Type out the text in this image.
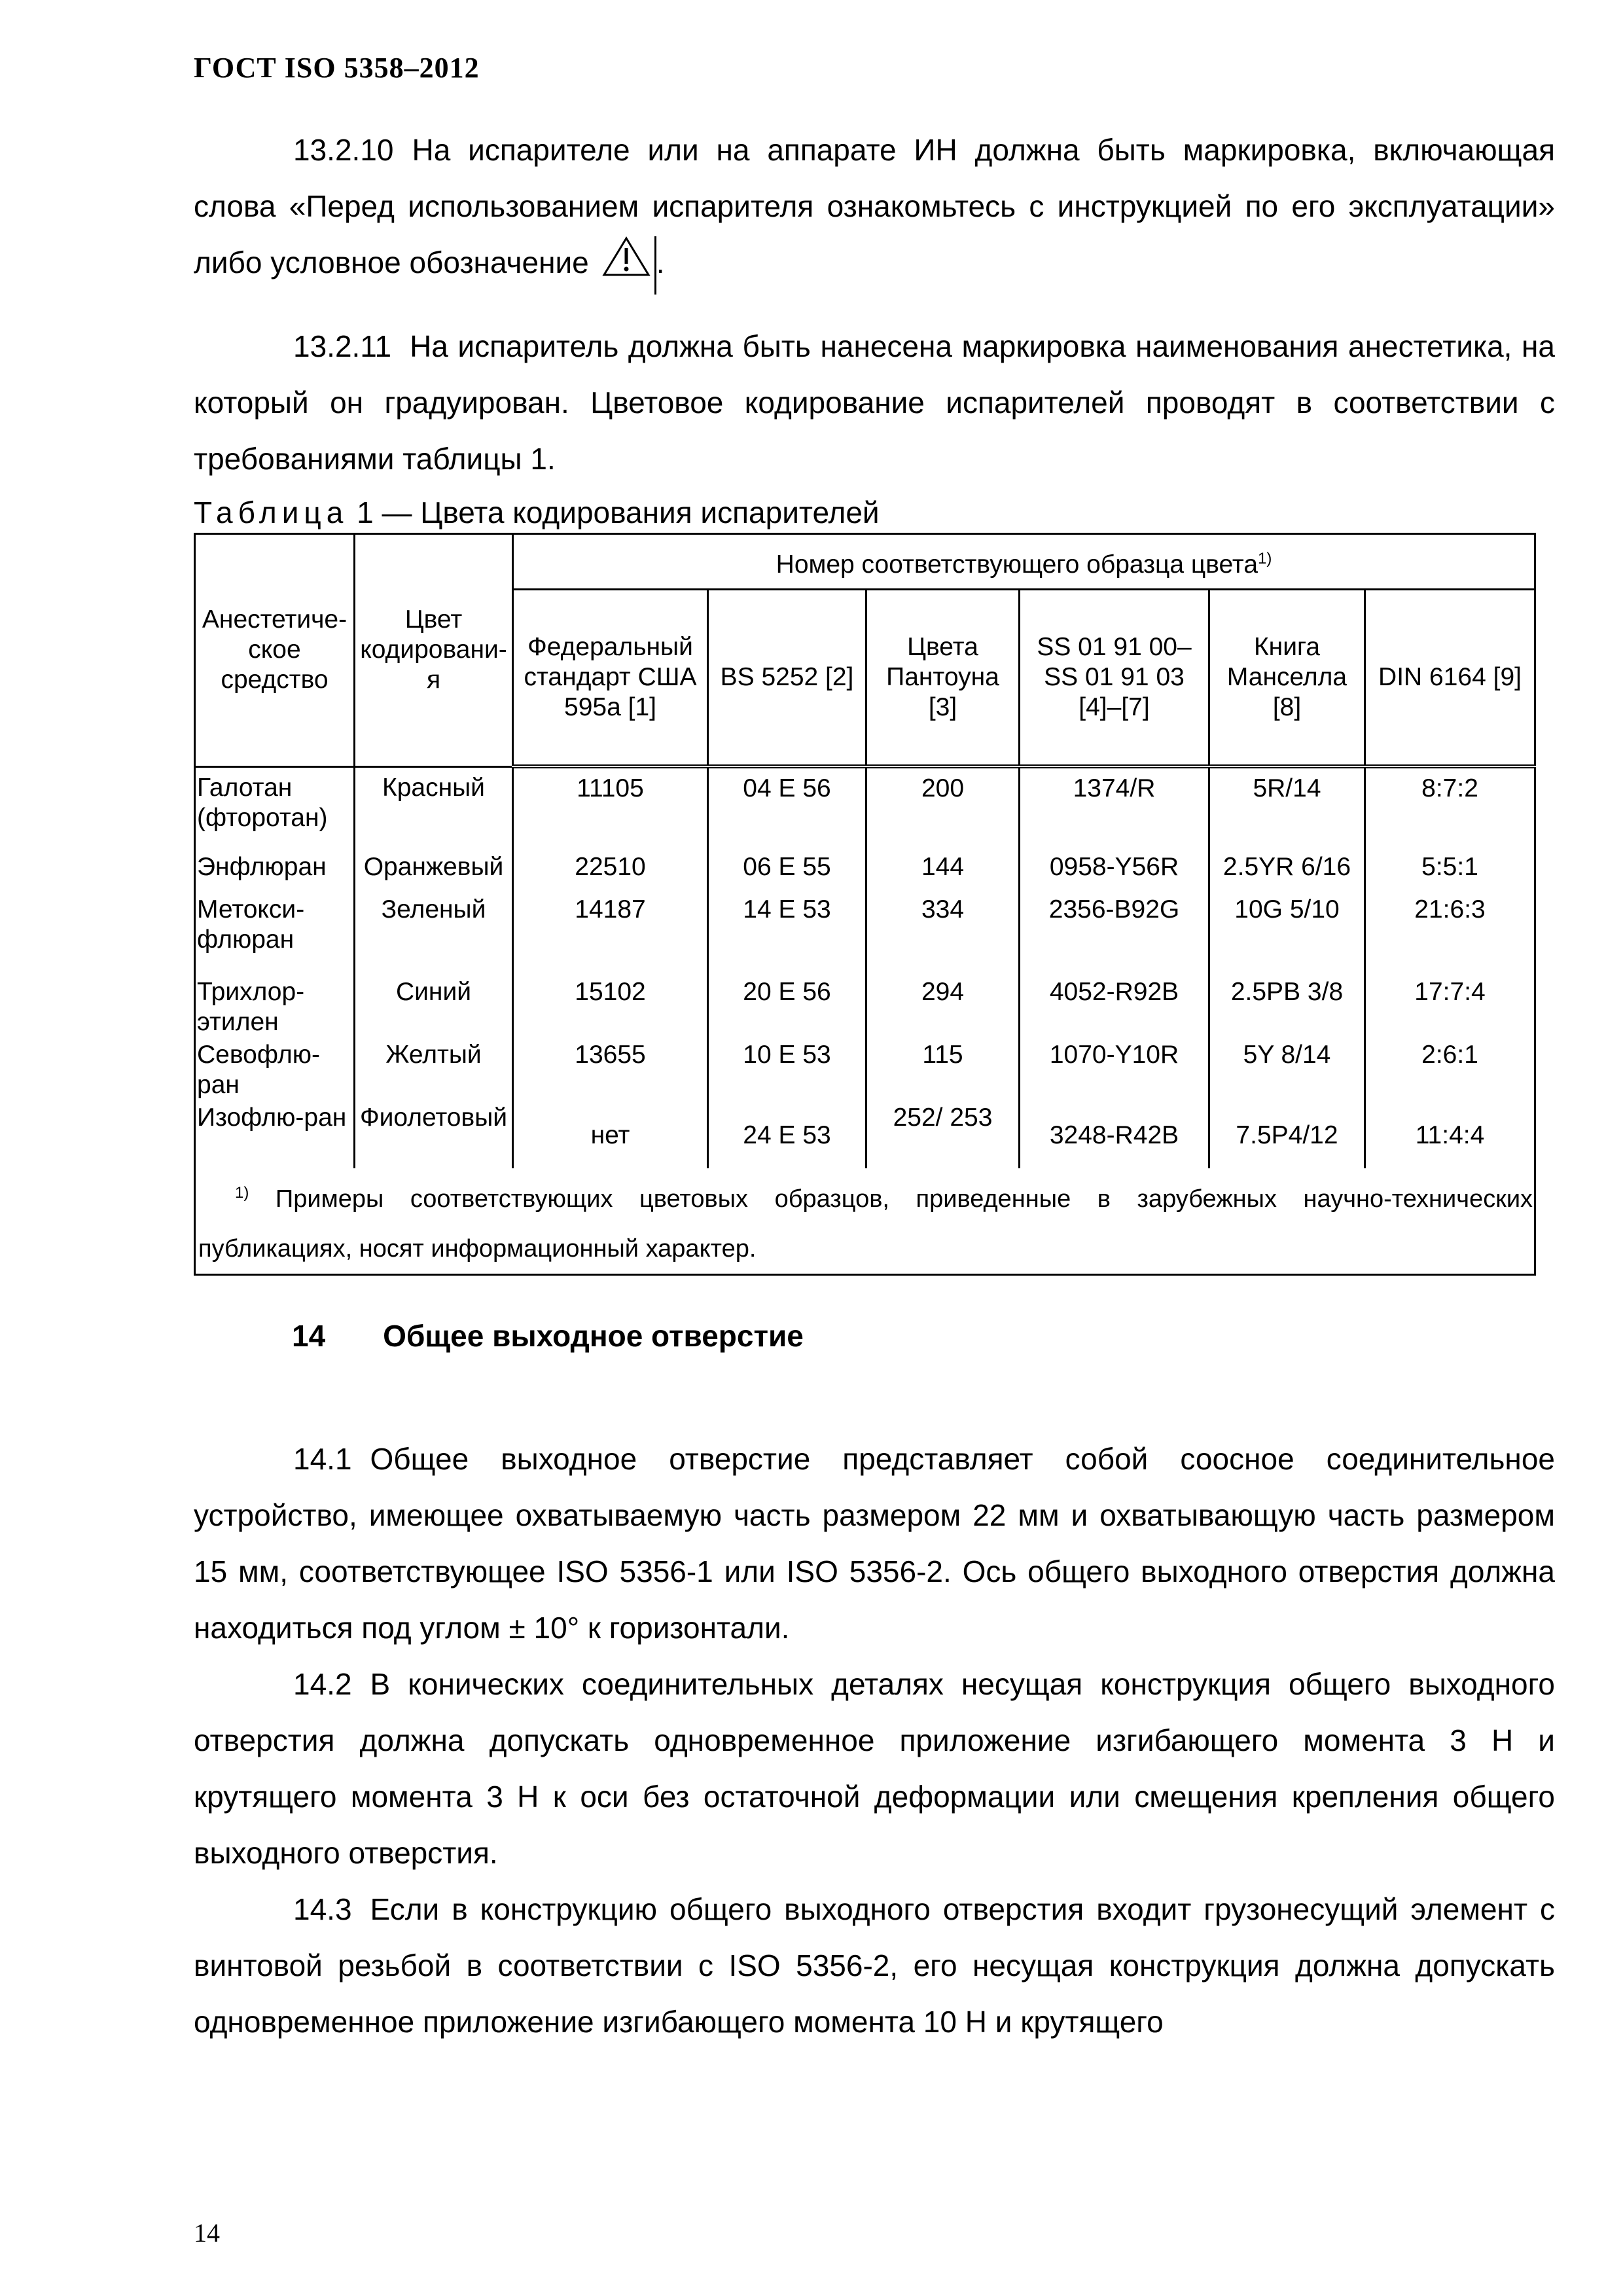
ГОСТ ISO 5358–2012

13.2.10 На испарителе или на аппарате ИН должна быть маркировка, включающая слова «Перед использованием испарителя ознакомьтесь с инструкцией по его эксплуатации» либо условное обозначение .

13.2.11 На испаритель должна быть нанесена маркировка наименования анестетика, на который он градуирован. Цветовое кодирование испарителей проводят в соответствии с требованиями таблицы 1.

Таблица 1 — Цвета кодирования испарителей
Анестетическое средство	Цвет кодирования	Номер соответствующего образца цвета$^{1)}$
		Федеральный стандарт США 595a [1]	BS 5252 [2]	Цвета Пантоуна [3]	SS 01 91 00–SS 01 91 03 [4]–[7]	Книга Манселла [8]	DIN 6164 [9]
Галотан (фторотан)	Красный	11105	04 E 56	200	1374/R	5R/14	8:7:2
Энфлюран	Оранжевый	22510	06 E 55	144	0958-Y56R	2.5YR 6/16	5:5:1
Метокси-флюран	Зеленый	14187	14 E 53	334	2356-B92G	10G 5/10	21:6:3
Трихлор-этилен	Синий	15102	20 E 56	294	4052-R92B	2.5PB 3/8	17:7:4
Севофлю-ран	Желтый	13655	10 E 53	115	1070-Y10R	5Y 8/14	2:6:1
Изофлю-ран	Фиолетовый	нет	24 E 53	252/ 253	3248-R42B	7.5P4/12	11:4:4
$^{1)}$ Примеры соответствующих цветовых образцов, приведенные в зарубежных научно-технических публикациях, носят информационный характер.							
14 Общее выходное отверстие

14.1 Общее выходное отверстие представляет собой соосное соединительное устройство, имеющее охватываемую часть размером 22 мм и охватывающую часть размером 15 мм, соответствующее ISO 5356-1 или ISO 5356-2. Ось общего выходного отверстия должна находиться под углом ± 10° к горизонтали.

14.2 В конических соединительных деталях несущая конструкция общего выходного отверстия должна допускать одновременное приложение изгибающего момента 3 Н и крутящего момента 3 Н к оси без остаточной деформации или смещения крепления общего выходного отверстия.

14.3 Если в конструкцию общего выходного отверстия входит грузонесущий элемент с винтовой резьбой в соответствии с ISO 5356-2, его несущая конструкция должна допускать одновременное приложение изгибающего момента 10 Н и крутящего

14
